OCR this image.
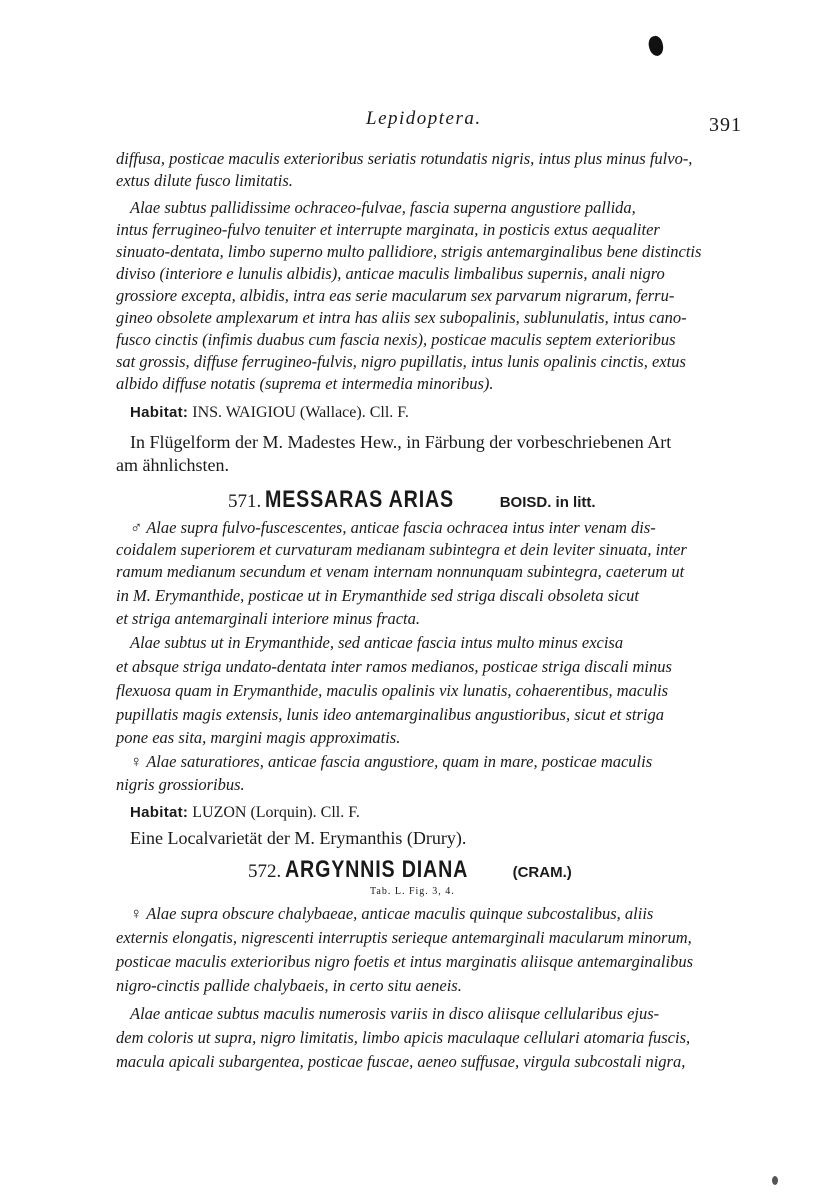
Lepidoptera.	391
diffusa, posticae maculis exterioribus seriatis rotundatis nigris, intus plus minus fulvo-,
extus dilute fusco limitatis.
Alae subtus pallidissime ochraceo-fulvae, fascia superna angustiore pallida,
intus ferrugineo-fulvo tenuiter et interrupte marginata, in posticis extus aequaliter
sinuato-dentata, limbo superno multo pallidiore, strigis antemarginalibus bene distinctis
diviso (interiore e lunulis albidis), anticae maculis limbalibus supernis, anali nigro
grossiore excepta, albidis, intra eas serie macularum sex parvarum nigrarum, ferru-
gineo obsolete amplexarum et intra has aliis sex subopalinis, sublunulatis, intus cano-
fusco cinctis (infimis duabus cum fascia nexis), posticae maculis septem exterioribus
sat grossis, diffuse ferrugineo-fulvis, nigro pupillatis, intus lunis opalinis cinctis, extus
albido diffuse notatis (suprema et intermedia minoribus).
Habitat: INS. WAIGIOU (Wallace). Cll. F.
In Flügelform der M. Madestes Hew., in Färbung der vorbeschriebenen Art
am ähnlichsten.
571. MESSARAS ARIAS	BOISD. in litt.
♂ Alae supra fulvo-fuscescentes, anticae fascia ochracea intus inter venam dis-
coidalem superiorem et curvaturam medianam subintegra et dein leviter sinuata, inter
ramum medianum secundum et venam internam nonnunquam subintegra, caeterum ut
in M. Erymanthide, posticae ut in Erymanthide sed striga discali obsoleta sicut
et striga antemarginali interiore minus fracta.
Alae subtus ut in Erymanthide, sed anticae fascia intus multo minus excisa
et absque striga undato-dentata inter ramos medianos, posticae striga discali minus
flexuosa quam in Erymanthide, maculis opalinis vix lunatis, cohaerentibus, maculis
pupillatis magis extensis, lunis ideo antemarginalibus angustioribus, sicut et striga
pone eas sita, margini magis approximatis.
♀ Alae saturatiores, anticae fascia angustiore, quam in mare, posticae maculis
nigris grossioribus.
Habitat: LUZON (Lorquin). Cll. F.
Eine Localvarietät der M. Erymanthis (Drury).
572. ARGYNNIS DIANA	(CRAM.)
Tab. L. Fig. 3, 4.
♀ Alae supra obscure chalybaeae, anticae maculis quinque subcostalibus, aliis
externis elongatis, nigrescenti interruptis serieque antemarginali macularum minorum,
posticae maculis exterioribus nigro foetis et intus marginatis aliisque antemarginalibus
nigro-cinctis pallide chalybaeis, in certo situ aeneis.
Alae anticae subtus maculis numerosis variis in disco aliisque cellularibus ejus-
dem coloris ut supra, nigro limitatis, limbo apicis maculaque cellulari atomaria fuscis,
macula apicali subargentea, posticae fuscae, aeneo suffusae, virgula subcostali nigra,
